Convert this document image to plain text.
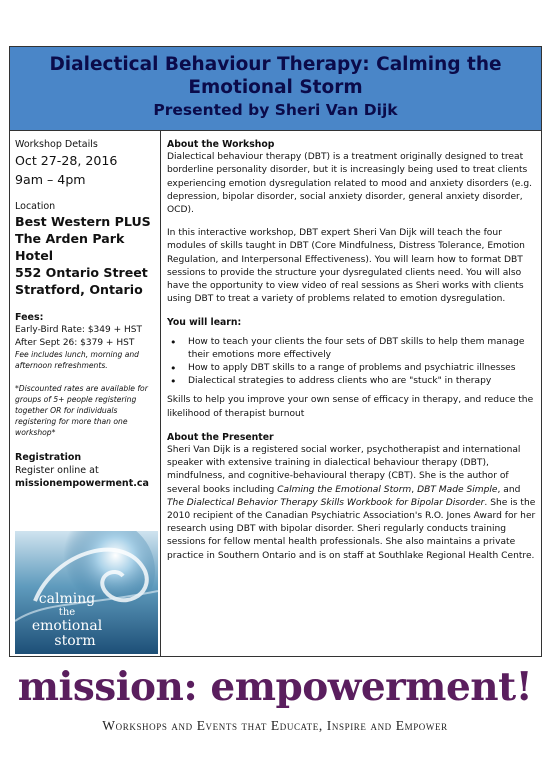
Dialectical Behaviour Therapy: Calming the
Emotional Storm
Presented by Sheri Van Dijk
Workshop Details
Oct 27-28, 2016
9am – 4pm
Location
Best Western PLUS
The Arden Park Hotel
552 Ontario Street
Stratford, Ontario
Fees:
Early-Bird Rate: $349 + HST
After Sept 26: $379 + HST
Fee includes lunch, morning and
afternoon refreshments.
*Discounted rates are available for
groups of 5+ people registering
together OR for individuals
registering for more than one
workshop*
Registration
Register online at
missionempowerment.ca
calming
the
emotional
storm
About the Workshop
Dialectical behaviour therapy (DBT) is a treatment originally designed to treat borderline personality disorder, but it is increasingly being used to treat clients experiencing emotion dysregulation related to mood and anxiety disorders (e.g. depression, bipolar disorder, social anxiety disorder, general anxiety disorder, OCD).
In this interactive workshop, DBT expert Sheri Van Dijk will teach the four modules of skills taught in DBT (Core Mindfulness, Distress Tolerance, Emotion Regulation, and Interpersonal Effectiveness). You will learn how to format DBT sessions to provide the structure your dysregulated clients need. You will also have the opportunity to view video of real sessions as Sheri works with clients using DBT to treat a variety of problems related to emotion dysregulation.
You will learn:
• How to teach your clients the four sets of DBT skills to help them manage their emotions more effectively
• How to apply DBT skills to a range of problems and psychiatric illnesses
• Dialectical strategies to address clients who are "stuck" in therapy
Skills to help you improve your own sense of efficacy in therapy, and reduce the likelihood of therapist burnout
About the Presenter
Sheri Van Dijk is a registered social worker, psychotherapist and international speaker with extensive training in dialectical behaviour therapy (DBT), mindfulness, and cognitive-behavioural therapy (CBT). She is the author of several books including Calming the Emotional Storm, DBT Made Simple, and The Dialectical Behavior Therapy Skills Workbook for Bipolar Disorder. She is the 2010 recipient of the Canadian Psychiatric Association's R.O. Jones Award for her research using DBT with bipolar disorder. Sheri regularly conducts training sessions for fellow mental health professionals. She also maintains a private practice in Southern Ontario and is on staff at Southlake Regional Health Centre.
mission: empowerment!
Workshops and Events that Educate, Inspire and Empower
